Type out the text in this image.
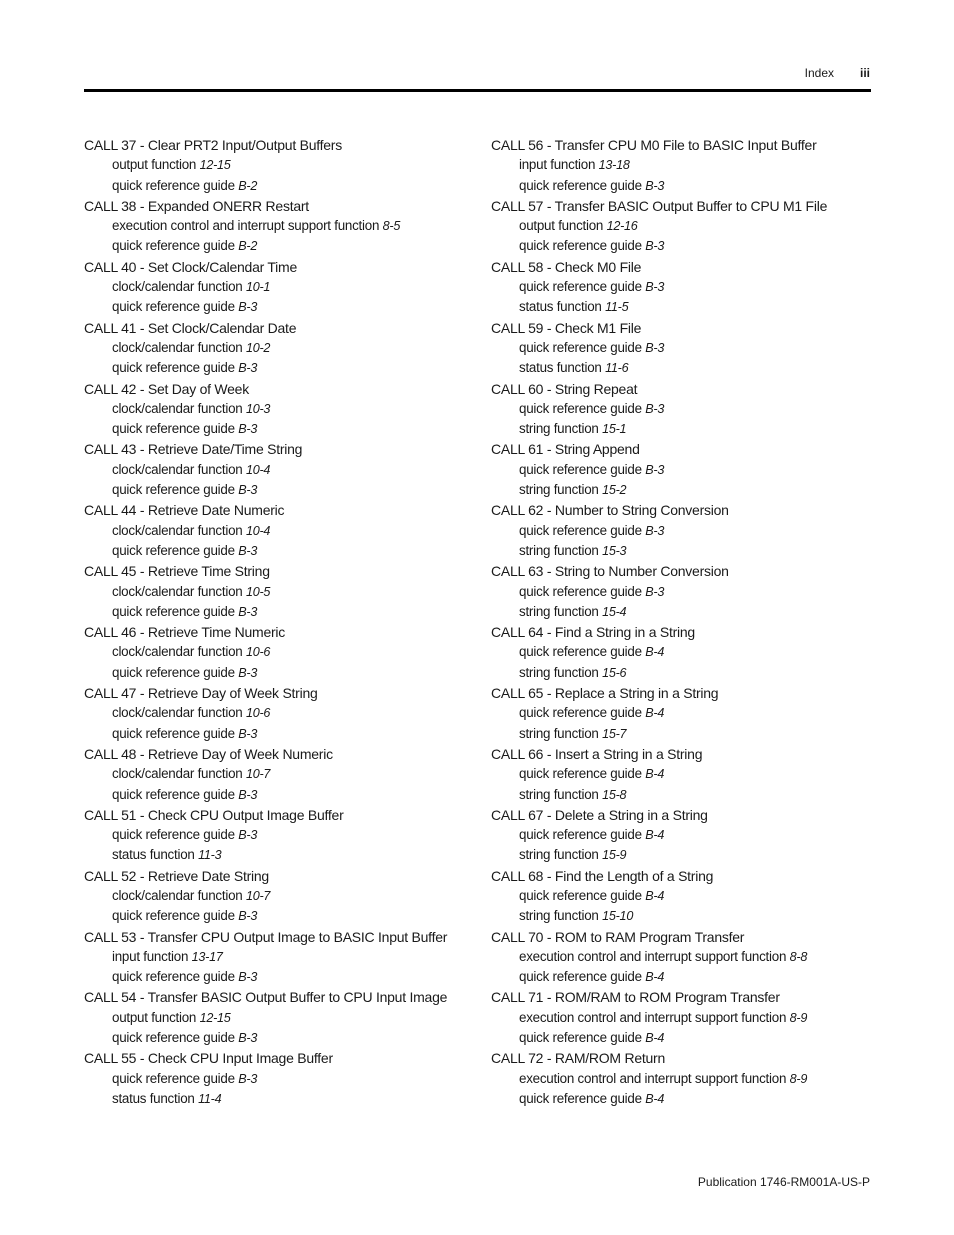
Index iii
CALL 37 - Clear PRT2 Input/Output Buffers
output function 12-15
quick reference guide B-2
CALL 38 - Expanded ONERR Restart
execution control and interrupt support function 8-5
quick reference guide B-2
CALL 40 - Set Clock/Calendar Time
clock/calendar function 10-1
quick reference guide B-3
CALL 41 - Set Clock/Calendar Date
clock/calendar function 10-2
quick reference guide B-3
CALL 42 - Set Day of Week
clock/calendar function 10-3
quick reference guide B-3
CALL 43 - Retrieve Date/Time String
clock/calendar function 10-4
quick reference guide B-3
CALL 44 - Retrieve Date Numeric
clock/calendar function 10-4
quick reference guide B-3
CALL 45 - Retrieve Time String
clock/calendar function 10-5
quick reference guide B-3
CALL 46 - Retrieve Time Numeric
clock/calendar function 10-6
quick reference guide B-3
CALL 47 - Retrieve Day of Week String
clock/calendar function 10-6
quick reference guide B-3
CALL 48 - Retrieve Day of Week Numeric
clock/calendar function 10-7
quick reference guide B-3
CALL 51 - Check CPU Output Image Buffer
quick reference guide B-3
status function 11-3
CALL 52 - Retrieve Date String
clock/calendar function 10-7
quick reference guide B-3
CALL 53 - Transfer CPU Output Image to BASIC Input Buffer
input function 13-17
quick reference guide B-3
CALL 54 - Transfer BASIC Output Buffer to CPU Input Image
output function 12-15
quick reference guide B-3
CALL 55 - Check CPU Input Image Buffer
quick reference guide B-3
status function 11-4
CALL 56 - Transfer CPU M0 File to BASIC Input Buffer
input function 13-18
quick reference guide B-3
CALL 57 - Transfer BASIC Output Buffer to CPU M1 File
output function 12-16
quick reference guide B-3
CALL 58 - Check M0 File
quick reference guide B-3
status function 11-5
CALL 59 - Check M1 File
quick reference guide B-3
status function 11-6
CALL 60 - String Repeat
quick reference guide B-3
string function 15-1
CALL 61 - String Append
quick reference guide B-3
string function 15-2
CALL 62 - Number to String Conversion
quick reference guide B-3
string function 15-3
CALL 63 - String to Number Conversion
quick reference guide B-3
string function 15-4
CALL 64 - Find a String in a String
quick reference guide B-4
string function 15-6
CALL 65 - Replace a String in a String
quick reference guide B-4
string function 15-7
CALL 66 - Insert a String in a String
quick reference guide B-4
string function 15-8
CALL 67 - Delete a String in a String
quick reference guide B-4
string function 15-9
CALL 68 - Find the Length of a String
quick reference guide B-4
string function 15-10
CALL 70 - ROM to RAM Program Transfer
execution control and interrupt support function 8-8
quick reference guide B-4
CALL 71 - ROM/RAM to ROM Program Transfer
execution control and interrupt support function 8-9
quick reference guide B-4
CALL 72 - RAM/ROM Return
execution control and interrupt support function 8-9
quick reference guide B-4
Publication 1746-RM001A-US-P
